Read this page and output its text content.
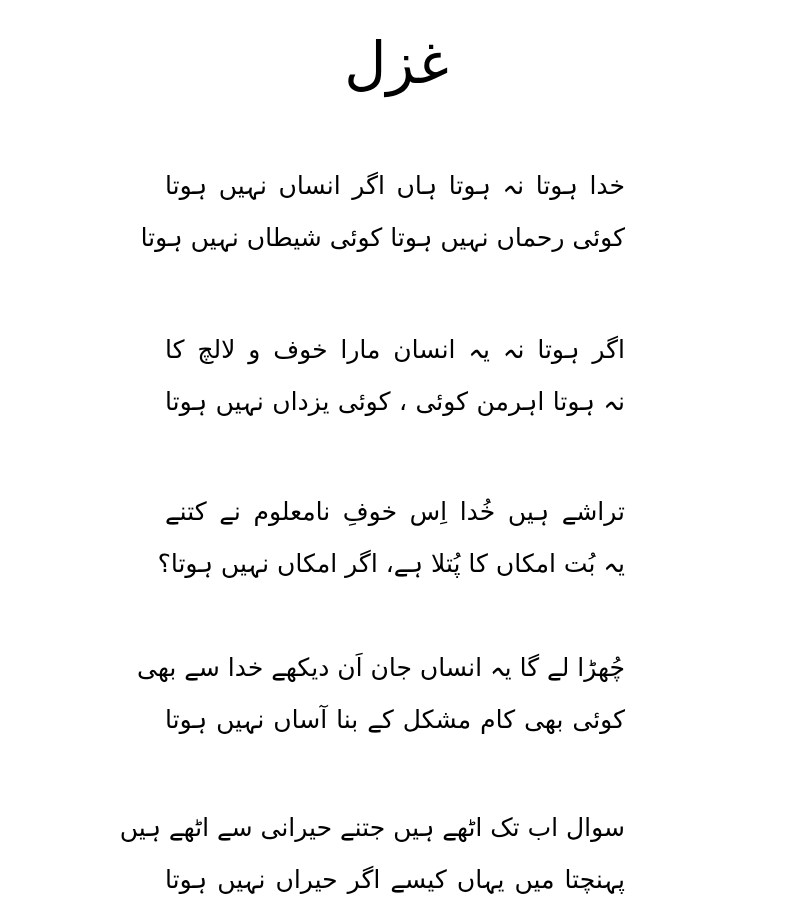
غزل
خدا ہوتا نہ ہوتا ہاں اگر انساں نہیں ہوتا
کوئی رحماں نہیں ہوتا کوئی شیطاں نہیں ہوتا
اگر ہوتا نہ یہ انسان مارا خوف و لالچ کا
نہ ہوتا اہرمن کوئی ، کوئی یزداں نہیں ہوتا
تراشے ہیں خُدا اِس خوفِ نامعلوم نے کتنے
یہ بُت امکاں کا پُتلا ہے، اگر امکاں نہیں ہوتا؟
چُھڑا لے گا یہ انساں جان اَن دیکھے خدا سے بھی
کوئی بھی کام مشکل کے بنا آساں نہیں ہوتا
سوال اب تک اٹھے ہیں جتنے حیرانی سے اٹھے ہیں
پہنچتا میں یہاں کیسے اگر حیراں نہیں ہوتا
